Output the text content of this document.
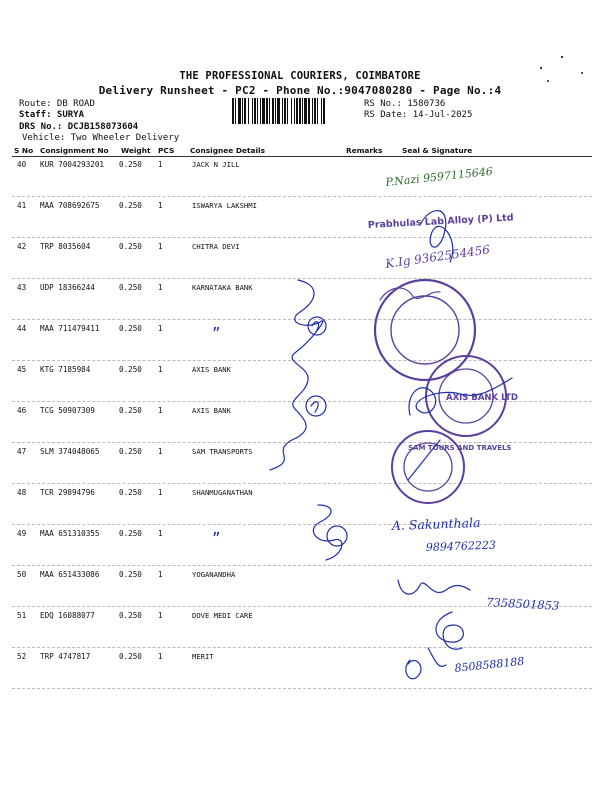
THE PROFESSIONAL COURIERS, COIMBATORE
Delivery Runsheet - PC2 - Phone No.:9047080280 - Page No.:4
Route: DB ROAD
Staff: SURYA
DRS No.: DCJB158073604
Vehicle: Two Wheeler Delivery
RS No.: 1580736
RS Date: 14-Jul-2025
S No Consignment No Weight PCS Consignee Details	Remarks	Seal & Signature
40 KUR 7004293201 0.250 1	JACK N JILL
41 MAA 708692675	0.250 1	ISWARYA LAKSHMI
42 TRP 8035604	0.250 1	CHITRA DEVI
43 UDP 18366244	0.250 1	KARNATAKA BANK
44 MAA 711479411	0.250 1
45 KTG 7185984	0.250 1	AXIS BANK
46 TCG 50907309	0.250 1	AXIS BANK
47 SLM 374048065	0.250 1	SAM TRANSPORTS
48 TCR 29894796	0.250 1	SHANMUGANATHAN
49 MAA 651310355	0.250 1
50 MAA 651433086	0.250 1	YOGANANDHA
51 EDQ 16088077	0.250 1	DOVE MEDI CARE
52 TRP 4747817	0.250 1	MERIT
”
”
P.Nazi 9597115646
Prabhulas Lab Alloy (P) Ltd
K.Ig 9362554456
AXIS BANK LTD
SAM TOURS AND TRAVELS
A. Sakunthala
9894762223
7358501853
8508588188
